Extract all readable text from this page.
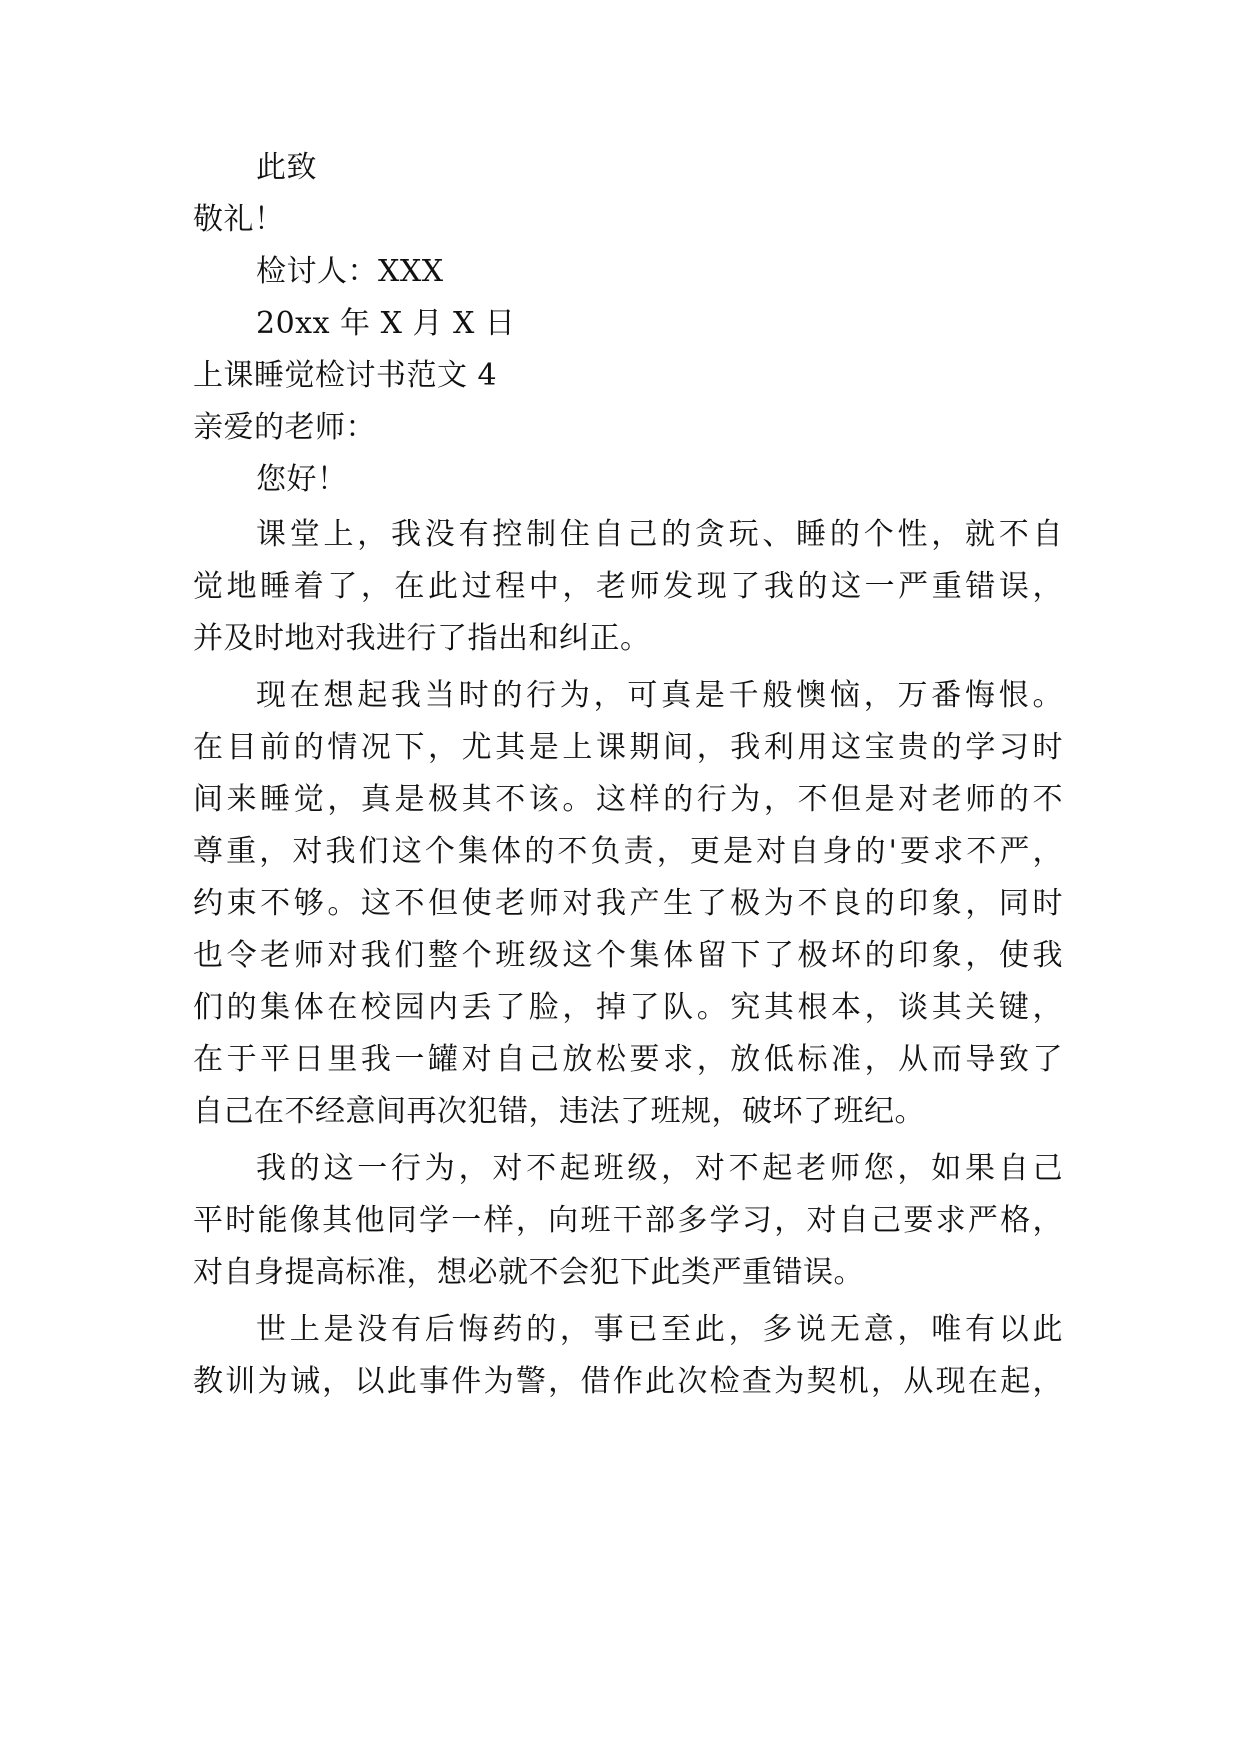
此致
敬礼！
检讨人：XXX
20xx 年 X 月 X 日
上课睡觉检讨书范文 4
亲爱的老师：
您好！
课堂上，我没有控制住自己的贪玩、睡的个性，就不自
觉地睡着了，在此过程中，老师发现了我的这一严重错误，
并及时地对我进行了指出和纠正。
现在想起我当时的行为，可真是千般懊恼，万番悔恨。
在目前的情况下，尤其是上课期间，我利用这宝贵的学习时
间来睡觉，真是极其不该。这样的行为，不但是对老师的不
尊重，对我们这个集体的不负责，更是对自身的'要求不严，
约束不够。这不但使老师对我产生了极为不良的印象，同时
也令老师对我们整个班级这个集体留下了极坏的印象，使我
们的集体在校园内丢了脸，掉了队。究其根本，谈其关键，
在于平日里我一罐对自己放松要求，放低标准，从而导致了
自己在不经意间再次犯错，违法了班规，破坏了班纪。
我的这一行为，对不起班级，对不起老师您，如果自己
平时能像其他同学一样，向班干部多学习，对自己要求严格，
对自身提高标准，想必就不会犯下此类严重错误。
世上是没有后悔药的，事已至此，多说无意，唯有以此
教训为诫，以此事件为警，借作此次检查为契机，从现在起，
